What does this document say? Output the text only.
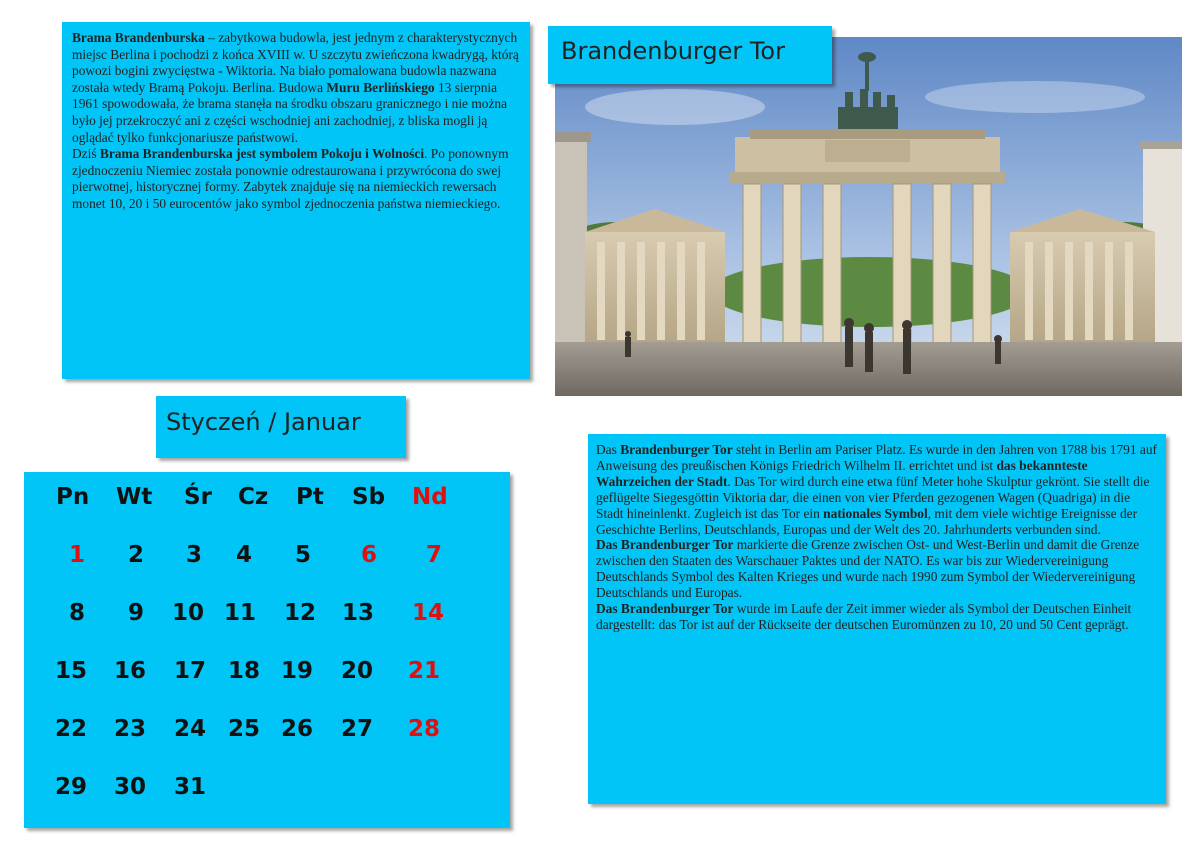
Brama Brandenburska – zabytkowa budowla, jest jednym z charakterystycznych miejsc Berlina i pochodzi z końca XVIII w. U szczytu zwieńczona kwadrygą, którą powozi bogini zwycięstwa - Wiktoria. Na biało pomalowana budowla nazwana została wtedy Bramą Pokoju. Berlina. Budowa Muru Berlińskiego 13 sierpnia 1961 spowodowała, że brama stanęła na środku obszaru granicznego i nie można było jej przekroczyć ani z części wschodniej ani zachodniej, z bliska mogli ją oglądać tylko funkcjonariusze państwowi.

Dziś Brama Brandenburska jest symbolem Pokoju i Wolności. Po ponownym zjednoczeniu Niemiec została ponownie odrestaurowana i przywrócona do swej pierwotnej, historycznej formy. Zabytek znajduje się na niemieckich rewersach monet 10, 20 i 50 eurocentów jako symbol zjednoczenia państwa niemieckiego.

Brandenburger Tor
Styczeń / Januar
Pn Wt Śr Cz Pt Sb Nd
1 2 3 4 5 6 7
8 9 10 11 12 13 14
15 16 17 18 19 20 21
22 23 24 25 26 27 28
29 30 31

Das Brandenburger Tor steht in Berlin am Pariser Platz. Es wurde in den Jahren von 1788 bis 1791 auf Anweisung des preußischen Königs Friedrich Wilhelm II. errichtet und ist das bekannteste Wahrzeichen der Stadt. Das Tor wird durch eine etwa fünf Meter hohe Skulptur gekrönt. Sie stellt die geflügelte Siegesgöttin Viktoria dar, die einen von vier Pferden gezogenen Wagen (Quadriga) in die Stadt hineinlenkt. Zugleich ist das Tor ein nationales Symbol, mit dem viele wichtige Ereignisse der Geschichte Berlins, Deutschlands, Europas und der Welt des 20. Jahrhunderts verbunden sind.

Das Brandenburger Tor markierte die Grenze zwischen Ost- und West-Berlin und damit die Grenze zwischen den Staaten des Warschauer Paktes und der NATO. Es war bis zur Wiedervereinigung Deutschlands Symbol des Kalten Krieges und wurde nach 1990 zum Symbol der Wiedervereinigung Deutschlands und Europas.

Das Brandenburger Tor wurde im Laufe der Zeit immer wieder als Symbol der Deutschen Einheit dargestellt: das Tor ist auf der Rückseite der deutschen Euromünzen zu 10, 20 und 50 Cent geprägt.
